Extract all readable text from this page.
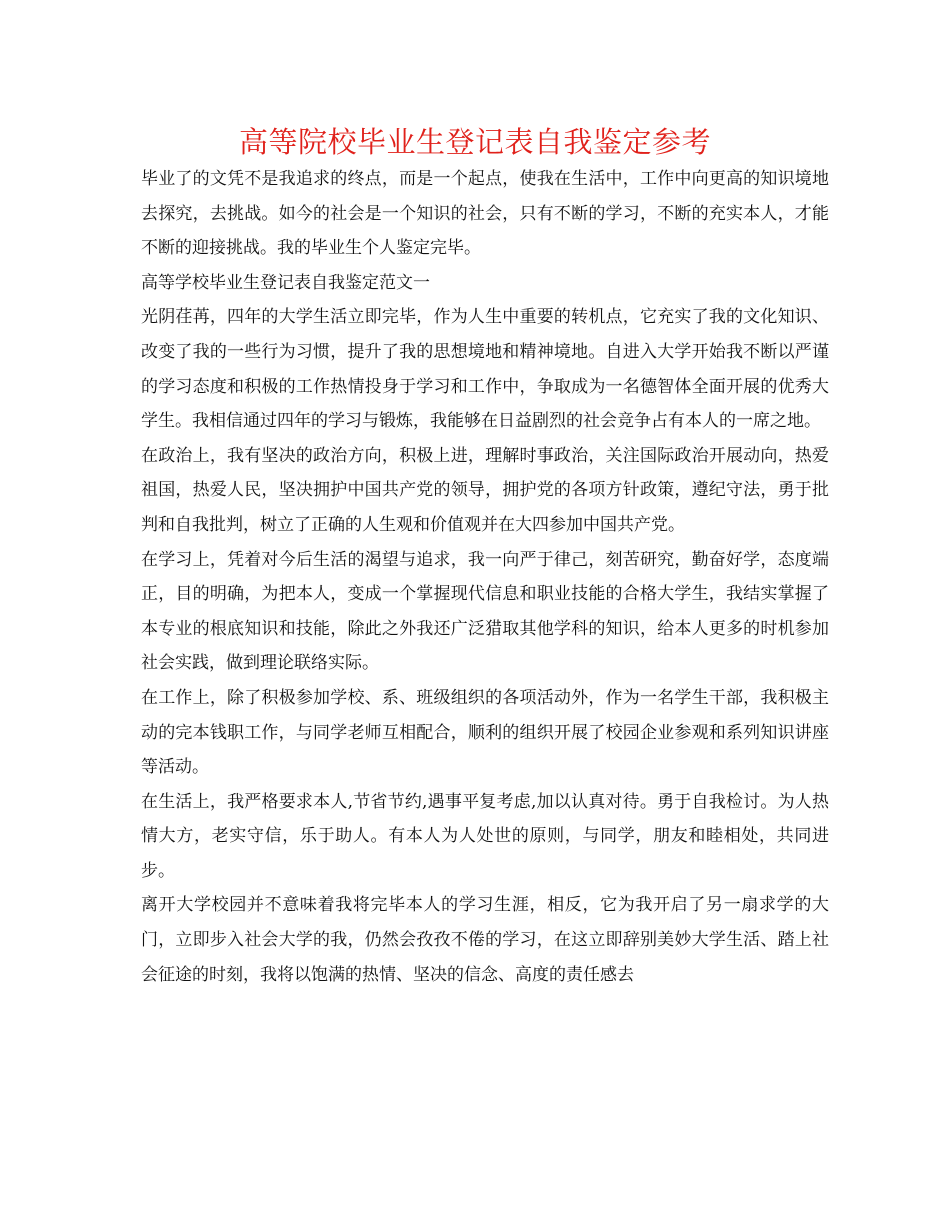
高等院校毕业生登记表自我鉴定参考

毕业了的文凭不是我追求的终点，而是一个起点，使我在生活中，工作中向更高的知识境地去探究，去挑战。如今的社会是一个知识的社会，只有不断的学习，不断的充实本人，才能不断的迎接挑战。我的毕业生个人鉴定完毕。

高等学校毕业生登记表自我鉴定范文一

光阴荏苒，四年的大学生活立即完毕，作为人生中重要的转机点，它充实了我的文化知识、改变了我的一些行为习惯，提升了我的思想境地和精神境地。自进入大学开始我不断以严谨的学习态度和积极的工作热情投身于学习和工作中，争取成为一名德智体全面开展的优秀大学生。我相信通过四年的学习与锻炼，我能够在日益剧烈的社会竞争占有本人的一席之地。

在政治上，我有坚决的政治方向，积极上进，理解时事政治，关注国际政治开展动向，热爱祖国，热爱人民，坚决拥护中国共产党的领导，拥护党的各项方针政策，遵纪守法，勇于批判和自我批判，树立了正确的人生观和价值观并在大四参加中国共产党。

在学习上，凭着对今后生活的渴望与追求，我一向严于律己，刻苦研究，勤奋好学，态度端正，目的明确，为把本人，变成一个掌握现代信息和职业技能的合格大学生，我结实掌握了本专业的根底知识和技能，除此之外我还广泛猎取其他学科的知识，给本人更多的时机参加社会实践，做到理论联络实际。

在工作上，除了积极参加学校、系、班级组织的各项活动外，作为一名学生干部，我积极主动的完本钱职工作，与同学老师互相配合，顺利的组织开展了校园企业参观和系列知识讲座等活动。

在生活上，我严格要求本人,节省节约,遇事平复考虑,加以认真对待。勇于自我检讨。为人热情大方，老实守信，乐于助人。有本人为人处世的原则，与同学，朋友和睦相处，共同进步。

离开大学校园并不意味着我将完毕本人的学习生涯，相反，它为我开启了另一扇求学的大门，立即步入社会大学的我，仍然会孜孜不倦的学习，在这立即辞别美妙大学生活、踏上社会征途的时刻，我将以饱满的热情、坚决的信念、高度的责任感去
